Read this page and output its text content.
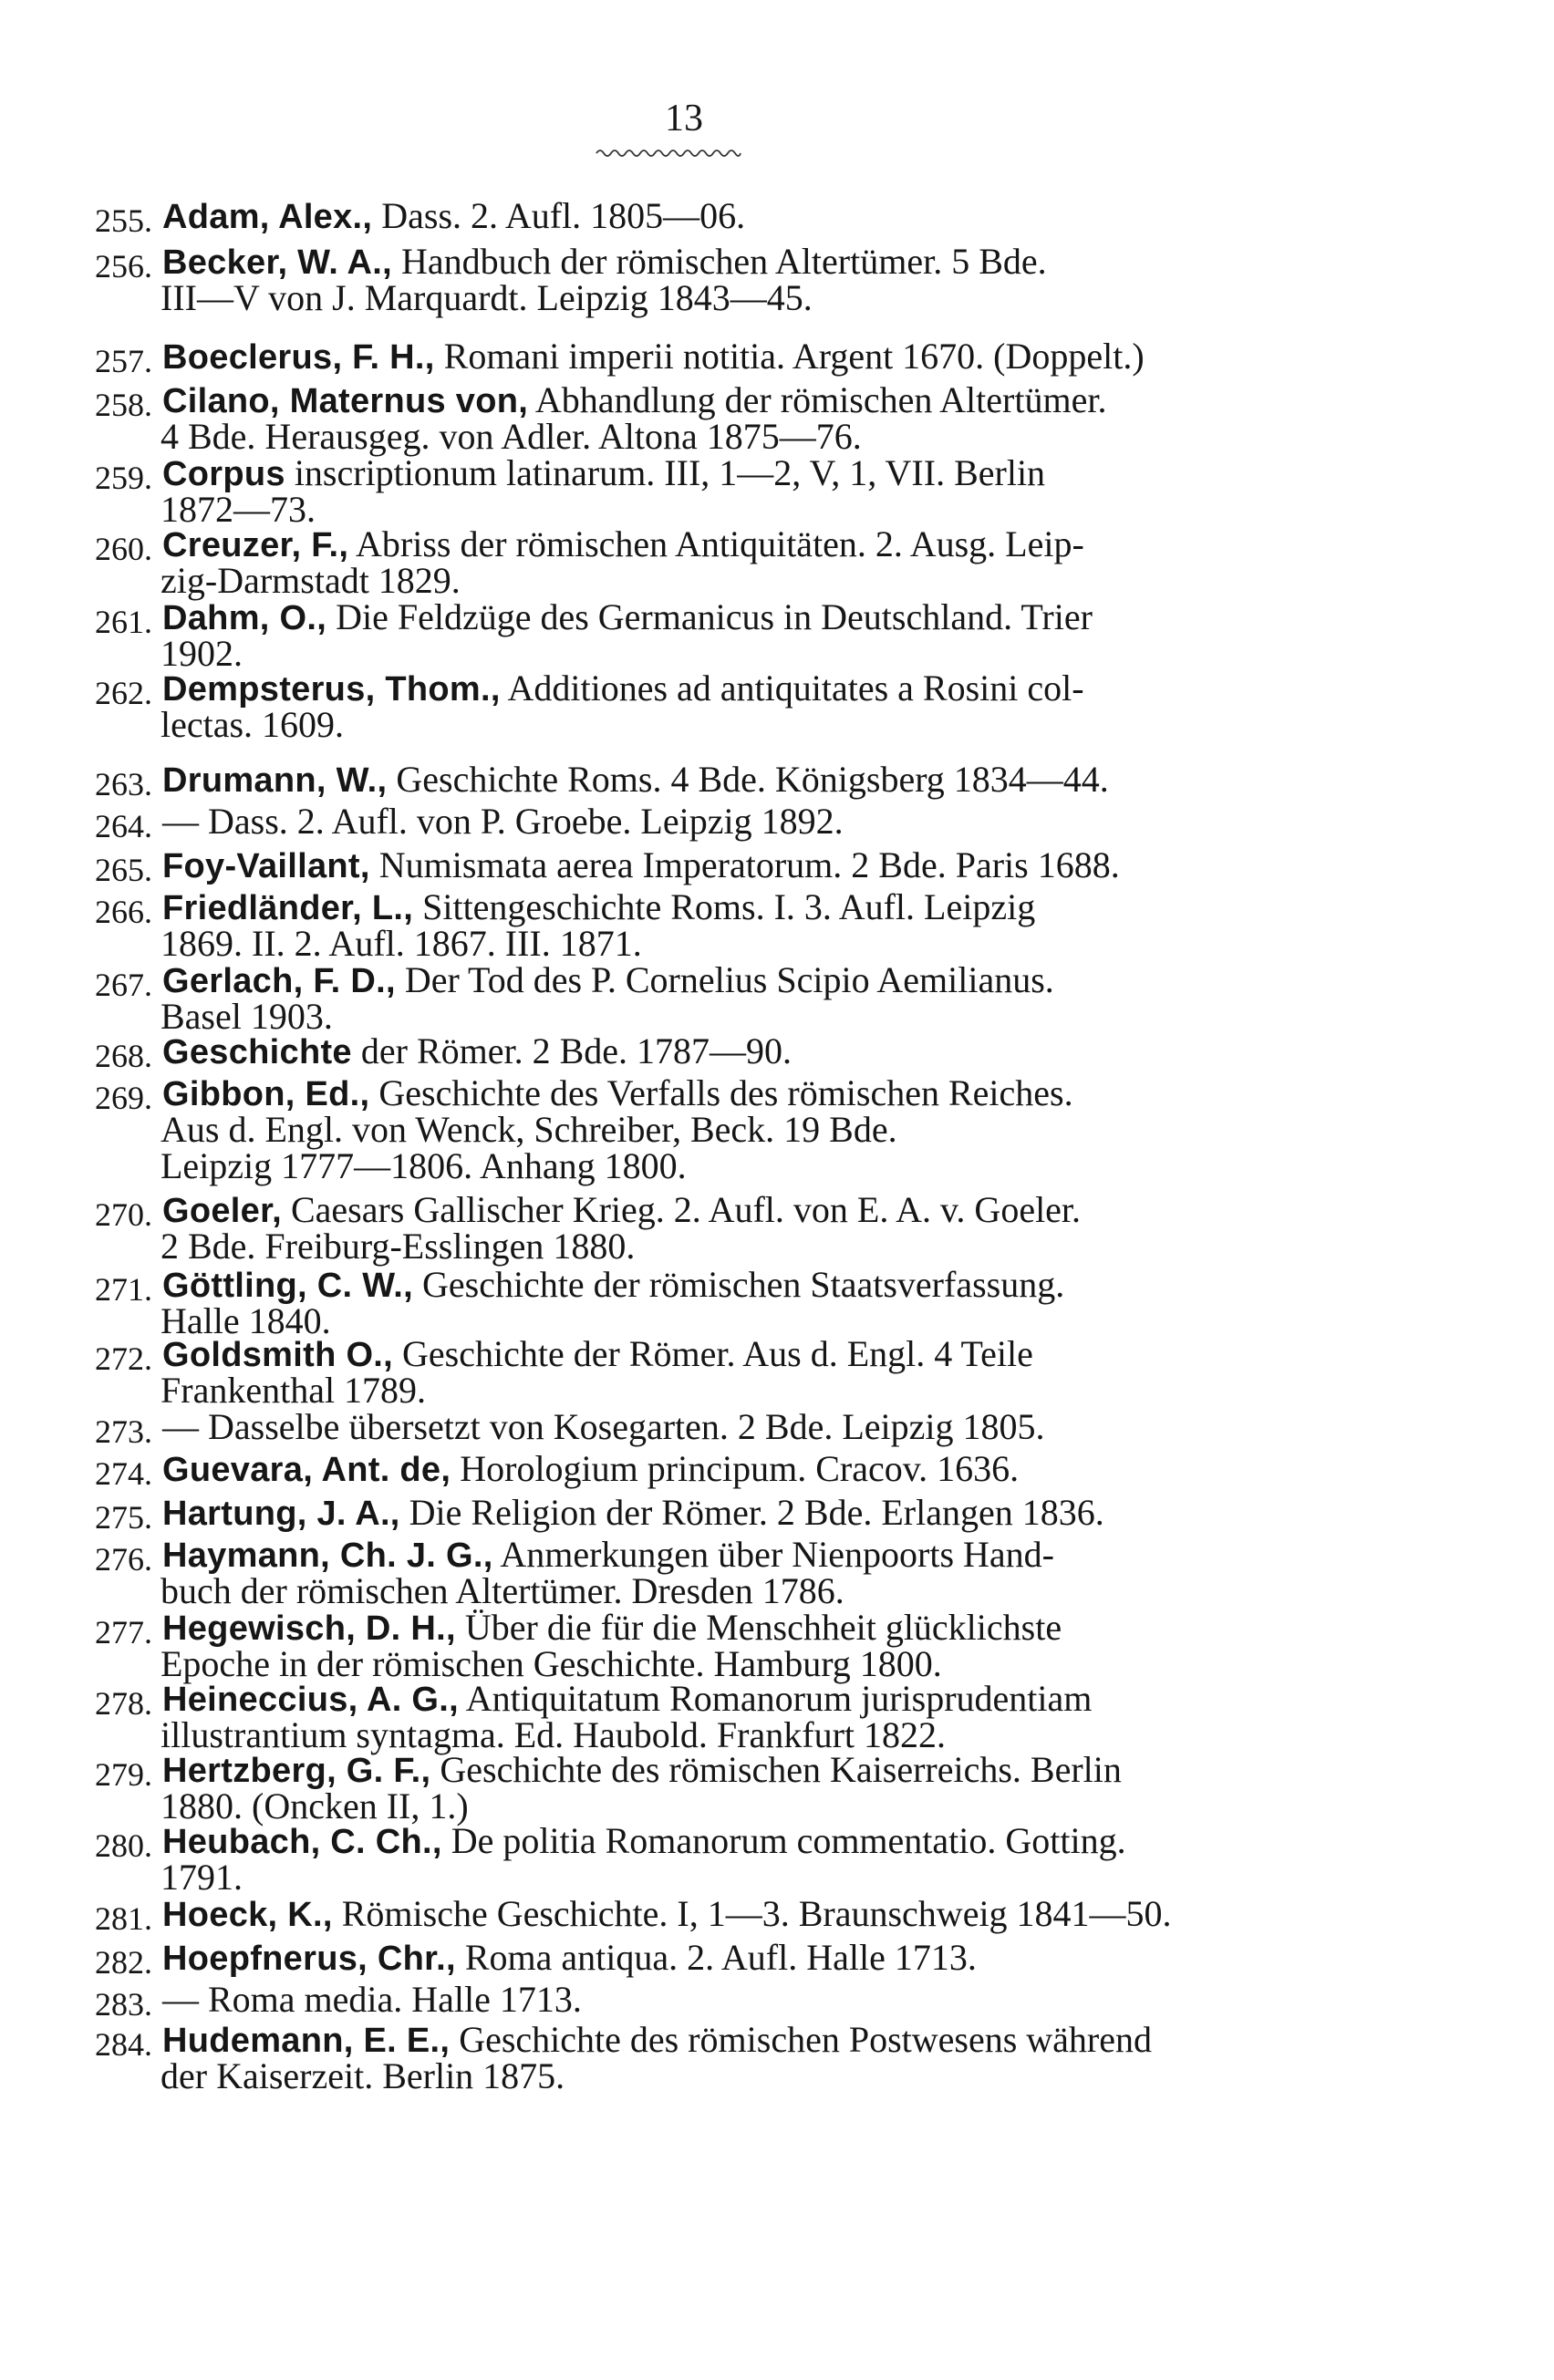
13
255. Adam, Alex., Dass. 2. Aufl. 1805—06.
256. Becker, W. A., Handbuch der römischen Altertümer. 5 Bde.
III—V von J. Marquardt. Leipzig 1843—45.
257. Boeclerus, F. H., Romani imperii notitia. Argent 1670. (Doppelt.)
258. Cilano, Maternus von, Abhandlung der römischen Altertümer.
4 Bde. Herausgeg. von Adler. Altona 1875—76.
259. Corpus inscriptionum latinarum. III, 1—2, V, 1, VII. Berlin
1872—73.
260. Creuzer, F., Abriss der römischen Antiquitäten. 2. Ausg. Leip-
zig-Darmstadt 1829.
261. Dahm, O., Die Feldzüge des Germanicus in Deutschland. Trier
1902.
262. Dempsterus, Thom., Additiones ad antiquitates a Rosini col-
lectas. 1609.
263. Drumann, W., Geschichte Roms. 4 Bde. Königsberg 1834—44.
264. — Dass. 2. Aufl. von P. Groebe. Leipzig 1892.
265. Foy-Vaillant, Numismata aerea Imperatorum. 2 Bde. Paris 1688.
266. Friedländer, L., Sittengeschichte Roms. I. 3. Aufl. Leipzig
1869. II. 2. Aufl. 1867. III. 1871.
267. Gerlach, F. D., Der Tod des P. Cornelius Scipio Aemilianus.
Basel 1903.
268. Geschichte der Römer. 2 Bde. 1787—90.
269. Gibbon, Ed., Geschichte des Verfalls des römischen Reiches.
Aus d. Engl. von Wenck, Schreiber, Beck. 19 Bde.
Leipzig 1777—1806. Anhang 1800.
270. Goeler, Caesars Gallischer Krieg. 2. Aufl. von E. A. v. Goeler.
2 Bde. Freiburg-Esslingen 1880.
271. Göttling, C. W., Geschichte der römischen Staatsverfassung.
Halle 1840.
272. Goldsmith O., Geschichte der Römer. Aus d. Engl. 4 Teile
Frankenthal 1789.
273. — Dasselbe übersetzt von Kosegarten. 2 Bde. Leipzig 1805.
274. Guevara, Ant. de, Horologium principum. Cracov. 1636.
275. Hartung, J. A., Die Religion der Römer. 2 Bde. Erlangen 1836.
276. Haymann, Ch. J. G., Anmerkungen über Nienpoorts Hand-
buch der römischen Altertümer. Dresden 1786.
277. Hegewisch, D. H., Über die für die Menschheit glücklichste
Epoche in der römischen Geschichte. Hamburg 1800.
278. Heineccius, A. G., Antiquitatum Romanorum jurisprudentiam
illustrantium syntagma. Ed. Haubold. Frankfurt 1822.
279. Hertzberg, G. F., Geschichte des römischen Kaiserreichs. Berlin
1880. (Oncken II, 1.)
280. Heubach, C. Ch., De politia Romanorum commentatio. Gotting.
1791.
281. Hoeck, K., Römische Geschichte. I, 1—3. Braunschweig 1841—50.
282. Hoepfnerus, Chr., Roma antiqua. 2. Aufl. Halle 1713.
283. — Roma media. Halle 1713.
284. Hudemann, E. E., Geschichte des römischen Postwesens während
der Kaiserzeit. Berlin 1875.
